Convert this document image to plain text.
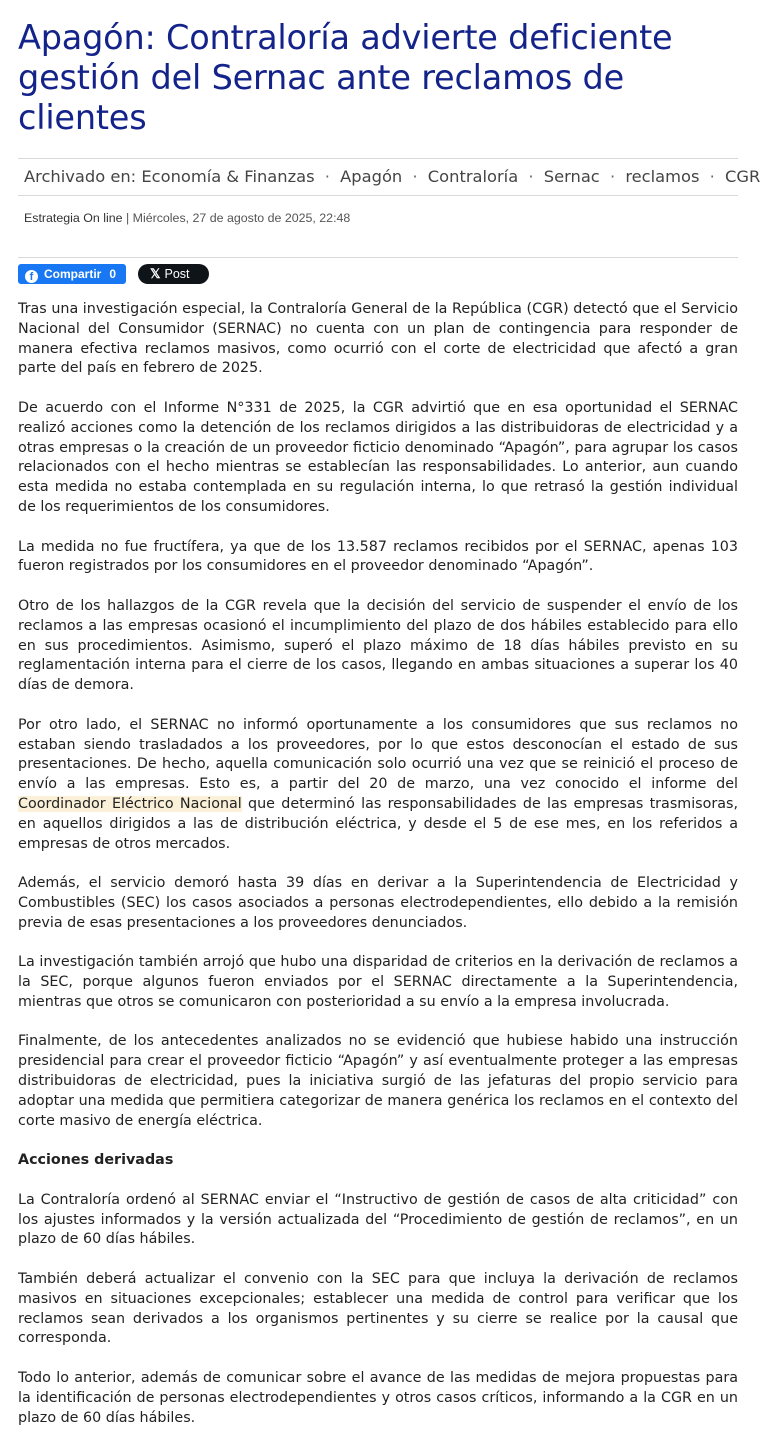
Apagón: Contraloría advierte deficiente gestión del Sernac ante reclamos de clientes
Archivado en: Economía & Finanzas · Apagón · Contraloría · Sernac · reclamos · CGR
Estrategia On line | Miércoles, 27 de agosto de 2025, 22:48
f Compartir 0	𝕏 Post

Tras una investigación especial, la Contraloría General de la República (CGR) detectó que el Servicio Nacional del Consumidor (SERNAC) no cuenta con un plan de contingencia para responder de manera efectiva reclamos masivos, como ocurrió con el corte de electricidad que afectó a gran parte del país en febrero de 2025.

De acuerdo con el Informe N°331 de 2025, la CGR advirtió que en esa oportunidad el SERNAC realizó acciones como la detención de los reclamos dirigidos a las distribuidoras de electricidad y a otras empresas o la creación de un proveedor ficticio denominado “Apagón”, para agrupar los casos relacionados con el hecho mientras se establecían las responsabilidades. Lo anterior, aun cuando esta medida no estaba contemplada en su regulación interna, lo que retrasó la gestión individual de los requerimientos de los consumidores.

La medida no fue fructífera, ya que de los 13.587 reclamos recibidos por el SERNAC, apenas 103 fueron registrados por los consumidores en el proveedor denominado “Apagón”.

Otro de los hallazgos de la CGR revela que la decisión del servicio de suspender el envío de los reclamos a las empresas ocasionó el incumplimiento del plazo de dos hábiles establecido para ello en sus procedimientos. Asimismo, superó el plazo máximo de 18 días hábiles previsto en su reglamentación interna para el cierre de los casos, llegando en ambas situaciones a superar los 40 días de demora.

Por otro lado, el SERNAC no informó oportunamente a los consumidores que sus reclamos no estaban siendo trasladados a los proveedores, por lo que estos desconocían el estado de sus presentaciones. De hecho, aquella comunicación solo ocurrió una vez que se reinició el proceso de envío a las empresas. Esto es, a partir del 20 de marzo, una vez conocido el informe del Coordinador Eléctrico Nacional que determinó las responsabilidades de las empresas trasmisoras, en aquellos dirigidos a las de distribución eléctrica, y desde el 5 de ese mes, en los referidos a empresas de otros mercados.

Además, el servicio demoró hasta 39 días en derivar a la Superintendencia de Electricidad y Combustibles (SEC) los casos asociados a personas electrodependientes, ello debido a la remisión previa de esas presentaciones a los proveedores denunciados.

La investigación también arrojó que hubo una disparidad de criterios en la derivación de reclamos a la SEC, porque algunos fueron enviados por el SERNAC directamente a la Superintendencia, mientras que otros se comunicaron con posterioridad a su envío a la empresa involucrada.

Finalmente, de los antecedentes analizados no se evidenció que hubiese habido una instrucción presidencial para crear el proveedor ficticio “Apagón” y así eventualmente proteger a las empresas distribuidoras de electricidad, pues la iniciativa surgió de las jefaturas del propio servicio para adoptar una medida que permitiera categorizar de manera genérica los reclamos en el contexto del corte masivo de energía eléctrica.

Acciones derivadas

La Contraloría ordenó al SERNAC enviar el “Instructivo de gestión de casos de alta criticidad” con los ajustes informados y la versión actualizada del “Procedimiento de gestión de reclamos”, en un plazo de 60 días hábiles.

También deberá actualizar el convenio con la SEC para que incluya la derivación de reclamos masivos en situaciones excepcionales; establecer una medida de control para verificar que los reclamos sean derivados a los organismos pertinentes y su cierre se realice por la causal que corresponda.

Todo lo anterior, además de comunicar sobre el avance de las medidas de mejora propuestas para la identificación de personas electrodependientes y otros casos críticos, informando a la CGR en un plazo de 60 días hábiles.
